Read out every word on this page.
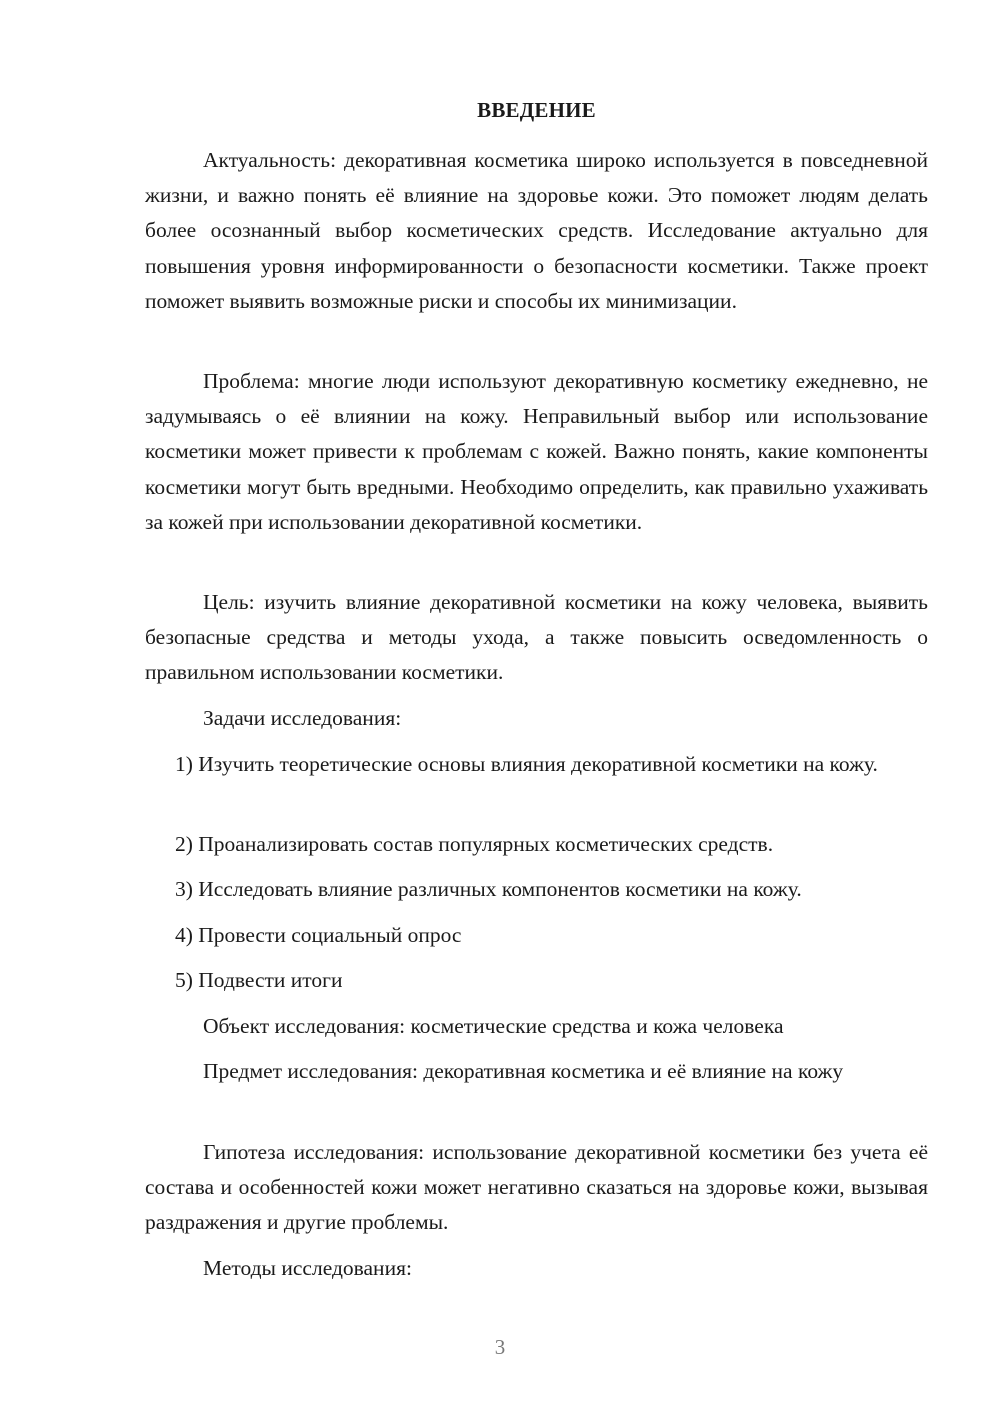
ВВЕДЕНИЕ

Актуальность: декоративная косметика широко используется в повседневной жизни, и важно понять её влияние на здоровье кожи. Это поможет людям делать более осознанный выбор косметических средств. Исследование актуально для повышения уровня информированности о безопасности косметики. Также проект поможет выявить возможные риски и способы их минимизации.

Проблема: многие люди используют декоративную косметику ежедневно, не задумываясь о её влиянии на кожу. Неправильный выбор или использование косметики может привести к проблемам с кожей. Важно понять, какие компоненты косметики могут быть вредными. Необходимо определить, как правильно ухаживать за кожей при использовании декоративной косметики.

Цель: изучить влияние декоративной косметики на кожу человека, выявить безопасные средства и методы ухода, а также повысить осведомленность о правильном использовании косметики.

Задачи исследования:

1) Изучить теоретические основы влияния декоративной косметики на кожу.

2) Проанализировать состав популярных косметических средств.

3) Исследовать влияние различных компонентов косметики на кожу.

4) Провести социальный опрос

5) Подвести итоги

Объект исследования: косметические средства и кожа человека

Предмет исследования: декоративная косметика и её влияние на кожу

Гипотеза исследования: использование декоративной косметики без учета её состава и особенностей кожи может негативно сказаться на здоровье кожи, вызывая раздражения и другие проблемы.

Методы исследования:

3
